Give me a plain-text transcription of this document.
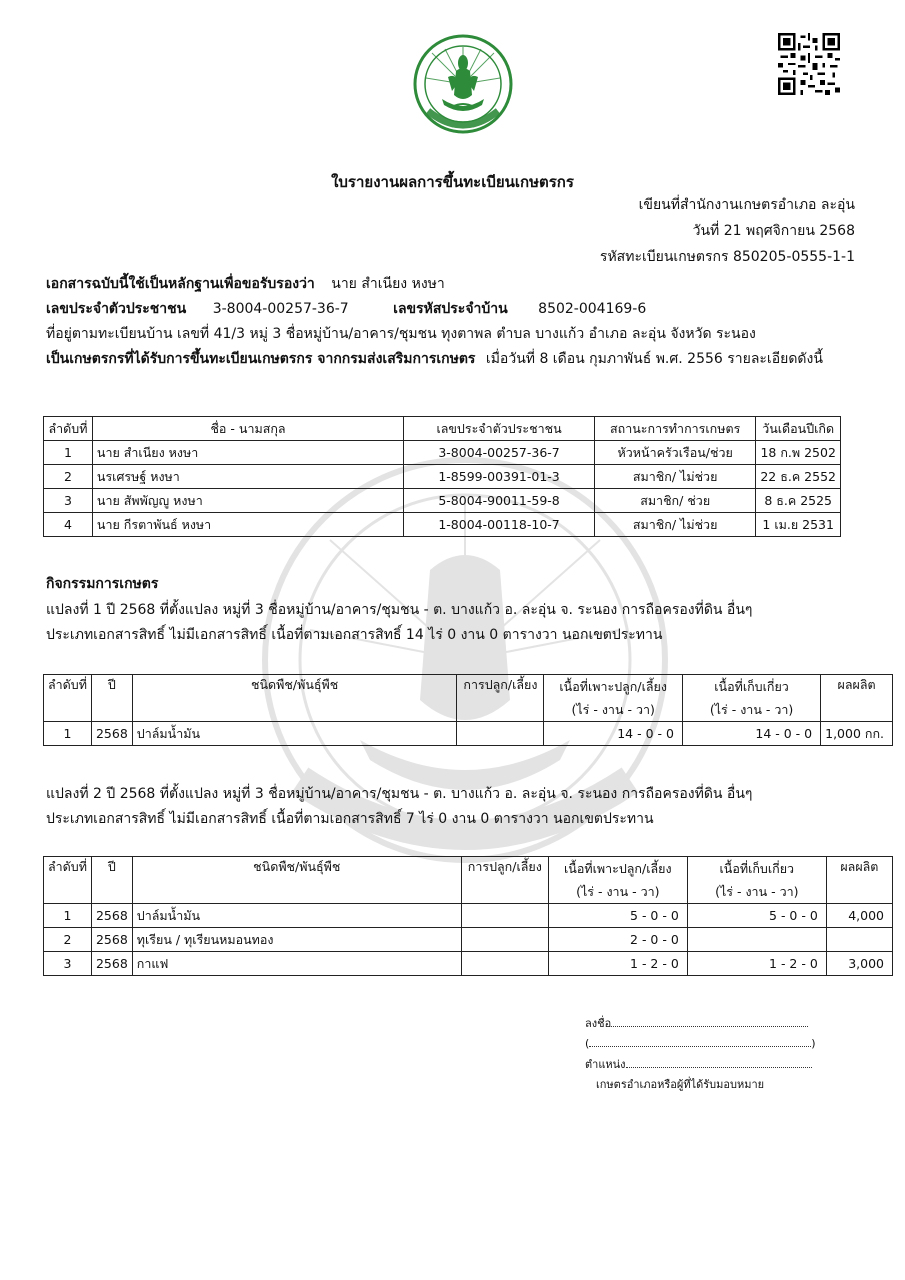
ใบรายงานผลการขึ้นทะเบียนเกษตรกร
เขียนที่สำนักงานเกษตรอำเภอ ละอุ่น
วันที่ 21 พฤศจิกายน 2568
รหัสทะเบียนเกษตรกร 850205-0555-1-1
เอกสารฉบับนี้ใช้เป็นหลักฐานเพื่อขอรับรองว่า นาย สำเนียง หงษา
เลขประจำตัวประชาชน 3-8004-00257-36-7	เลขรหัสประจำบ้าน 8502-004169-6
ที่อยู่ตามทะเบียนบ้าน เลขที่ 41/3 หมู่ 3 ชื่อหมู่บ้าน/อาคาร/ชุมชน ทุงตาพล ตำบล บางแก้ว อำเภอ ละอุ่น จังหวัด ระนอง
เป็นเกษตรกรที่ได้รับการขึ้นทะเบียนเกษตรกร จากกรมส่งเสริมการเกษตร เมื่อวันที่ 8 เดือน กุมภาพันธ์ พ.ศ. 2556 รายละเอียดดังนี้
ลำดับที่	ชื่อ - นามสกุล	เลขประจำตัวประชาชน	สถานะการทำการเกษตร	วันเดือนปีเกิด
1	นาย สำเนียง หงษา	3-8004-00257-36-7	หัวหน้าครัวเรือน/ช่วย	18 ก.พ 2502
2	นรเศรษฐ์ หงษา	1-8599-00391-01-3	สมาชิก/ ไม่ช่วย	22 ธ.ค 2552
3	นาย สัพพัญญู หงษา	5-8004-90011-59-8	สมาชิก/ ช่วย	8 ธ.ค 2525
4	นาย กีรตาพันธ์ หงษา	1-8004-00118-10-7	สมาชิก/ ไม่ช่วย	1 เม.ย 2531
กิจกรรมการเกษตร
แปลงที่ 1 ปี 2568 ที่ตั้งแปลง หมู่ที่ 3 ชื่อหมู่บ้าน/อาคาร/ชุมชน - ต. บางแก้ว อ. ละอุ่น จ. ระนอง การถือครองที่ดิน อื่นๆ
ประเภทเอกสารสิทธิ์ ไม่มีเอกสารสิทธิ์ เนื้อที่ตามเอกสารสิทธิ์ 14 ไร่ 0 งาน 0 ตารางวา นอกเขตประทาน
ลำดับที่	ปี	ชนิดพืช/พันธุ์พืช	การปลูก/เลี้ยง	เนื้อที่เพาะปลูก/เลี้ยง	เนื้อที่เก็บเกี่ยว	ผลผลิต
				(ไร่ - งาน - วา)	(ไร่ - งาน - วา)	
1	2568	ปาล์มน้ำมัน		14 - 0 - 0	14 - 0 - 0	1,000 กก.
แปลงที่ 2 ปี 2568 ที่ตั้งแปลง หมู่ที่ 3 ชื่อหมู่บ้าน/อาคาร/ชุมชน - ต. บางแก้ว อ. ละอุ่น จ. ระนอง การถือครองที่ดิน อื่นๆ
ประเภทเอกสารสิทธิ์ ไม่มีเอกสารสิทธิ์ เนื้อที่ตามเอกสารสิทธิ์ 7 ไร่ 0 งาน 0 ตารางวา นอกเขตประทาน
ลำดับที่	ปี	ชนิดพืช/พันธุ์พืช	การปลูก/เลี้ยง	เนื้อที่เพาะปลูก/เลี้ยง	เนื้อที่เก็บเกี่ยว	ผลผลิต
				(ไร่ - งาน - วา)	(ไร่ - งาน - วา)	
1	2568	ปาล์มน้ำมัน		5 - 0 - 0	5 - 0 - 0	4,000
2	2568	ทุเรียน / ทุเรียนหมอนทอง		2 - 0 - 0		
3	2568	กาแฟ		1 - 2 - 0	1 - 2 - 0	3,000
ลงชื่อ
(	)
ตำแหน่ง
เกษตรอำเภอหรือผู้ที่ได้รับมอบหมาย
